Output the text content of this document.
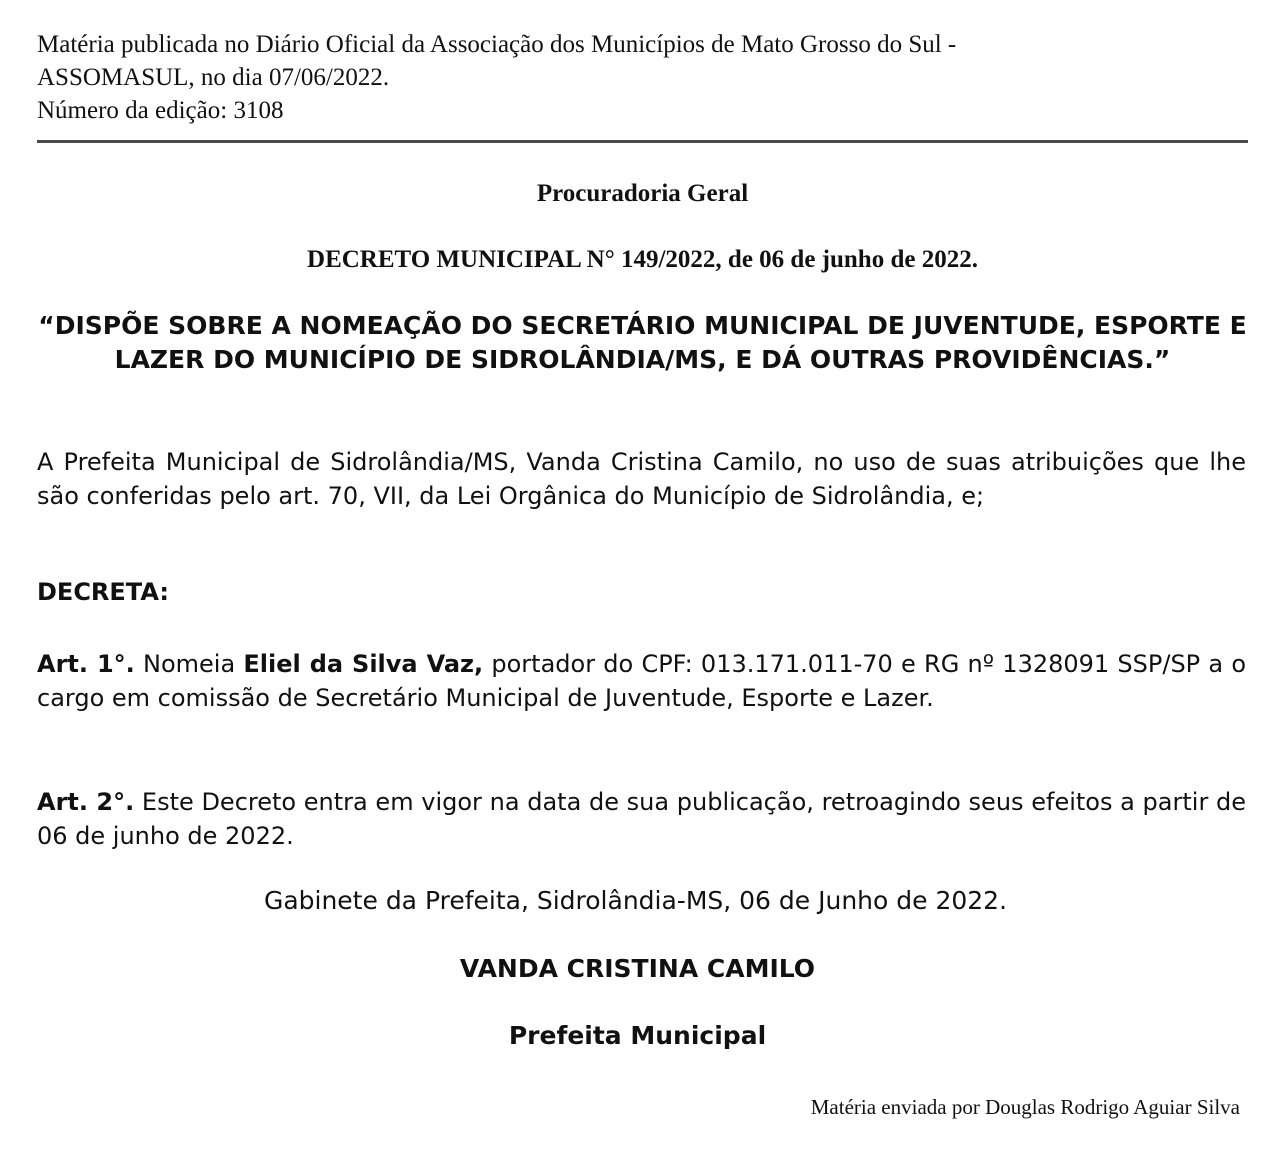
Matéria publicada no Diário Oficial da Associação dos Municípios de Mato Grosso do Sul -
ASSOMASUL, no dia 07/06/2022.
Número da edição: 3108
Procuradoria Geral
DECRETO MUNICIPAL N° 149/2022, de 06 de junho de 2022.
“DISPÕE SOBRE A NOMEAÇÃO DO SECRETÁRIO MUNICIPAL DE JUVENTUDE, ESPORTE E LAZER DO MUNICÍPIO DE SIDROLÂNDIA/MS, E DÁ OUTRAS PROVIDÊNCIAS.”
A Prefeita Municipal de Sidrolândia/MS, Vanda Cristina Camilo, no uso de suas atribuições que lhe são conferidas pelo art. 70, VII, da Lei Orgânica do Município de Sidrolândia, e;
DECRETA:
Art. 1°. Nomeia Eliel da Silva Vaz, portador do CPF: 013.171.011-70 e RG nº 1328091 SSP/SP a o cargo em comissão de Secretário Municipal de Juventude, Esporte e Lazer.
Art. 2°. Este Decreto entra em vigor na data de sua publicação, retroagindo seus efeitos a partir de 06 de junho de 2022.
Gabinete da Prefeita, Sidrolândia-MS, 06 de Junho de 2022.
VANDA CRISTINA CAMILO
Prefeita Municipal
Matéria enviada por Douglas Rodrigo Aguiar Silva
